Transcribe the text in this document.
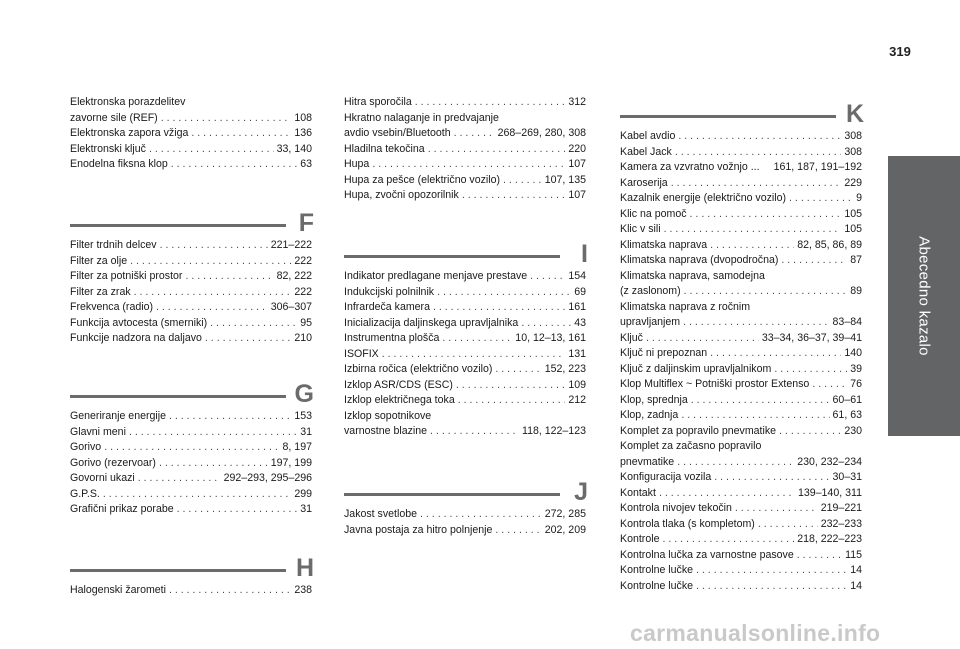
319
Abecedno kazalo
Elektronska porazdelitev
zavorne sile (REF) . . .	108
Elektronska zapora vžiga . . .	136
Elektronski ključ . . .	33, 140
Enodelna fiksna klop . . .	63
F
Filter trdnih delcev . . .	221–222
Filter za olje . . .	222
Filter za potniški prostor . . .	82, 222
Filter za zrak . . .	222
Frekvenca (radio) . . .	306–307
Funkcija avtocesta (smerniki) . . .	95
Funkcije nadzora na daljavo . . .	210
G
Generiranje energije . . .	153
Glavni meni . . .	31
Gorivo . . .	8, 197
Gorivo (rezervoar) . . .	197, 199
Govorni ukazi . . .	292–293, 295–296
G.P.S. . . .	299
Grafični prikaz porabe . . .	31
H
Halogenski žarometi . . .	238
Hitra sporočila . . .	312
Hkratno nalaganje in predvajanje
avdio vsebin/Bluetooth . . .	268–269, 280, 308
Hladilna tekočina . . .	220
Hupa . . .	107
Hupa za pešce (električno vozilo) . . .	107, 135
Hupa, zvočni opozorilnik . . .	107
I
Indikator predlagane menjave prestave . . .	154
Indukcijski polnilnik . . .	69
Infrardeča kamera . . .	161
Inicializacija daljinskega upravljalnika . . .	43
Instrumentna plošča . . .	10, 12–13, 161
ISOFIX . . .	131
Izbirna ročica (električno vozilo) . . .	152, 223
Izklop ASR/CDS (ESC) . . .	109
Izklop električnega toka . . .	212
Izklop sopotnikove
varnostne blazine . . .	118, 122–123
J
Jakost svetlobe . . .	272, 285
Javna postaja za hitro polnjenje . . .	202, 209
K
Kabel avdio . . .	308
Kabel Jack . . .	308
Kamera za vzvratno vožnjo ... 161, 187, 191–192
Karoserija . . .	229
Kazalnik energije (električno vozilo) . . .	9
Klic na pomoč . . .	105
Klic v sili . . .	105
Klimatska naprava . . .	82, 85, 86, 89
Klimatska naprava (dvopodročna) . . .	87
Klimatska naprava, samodejna
(z zaslonom) . . .	89
Klimatska naprava z ročnim
upravljanjem . . .	83–84
Ključ . . .	33–34, 36–37, 39–41
Ključ ni prepoznan . . .	140
Ključ z daljinskim upravljalnikom . . .	39
Klop Multiflex ~ Potniški prostor Extenso . . .	76
Klop, sprednja . . .	60–61
Klop, zadnja . . .	61, 63
Komplet za popravilo pnevmatike . . .	230
Komplet za začasno popravilo
pnevmatike . . .	230, 232–234
Konfiguracija vozila . . .	30–31
Kontakt . . .	139–140, 311
Kontrola nivojev tekočin . . .	219–221
Kontrola tlaka (s kompletom) . . .	232–233
Kontrole . . .	218, 222–223
Kontrolna lučka za varnostne pasove . . .	115
Kontrolne lučke . . .	14
Kontrolne lučke . . .	14
carmanualsonline.info
